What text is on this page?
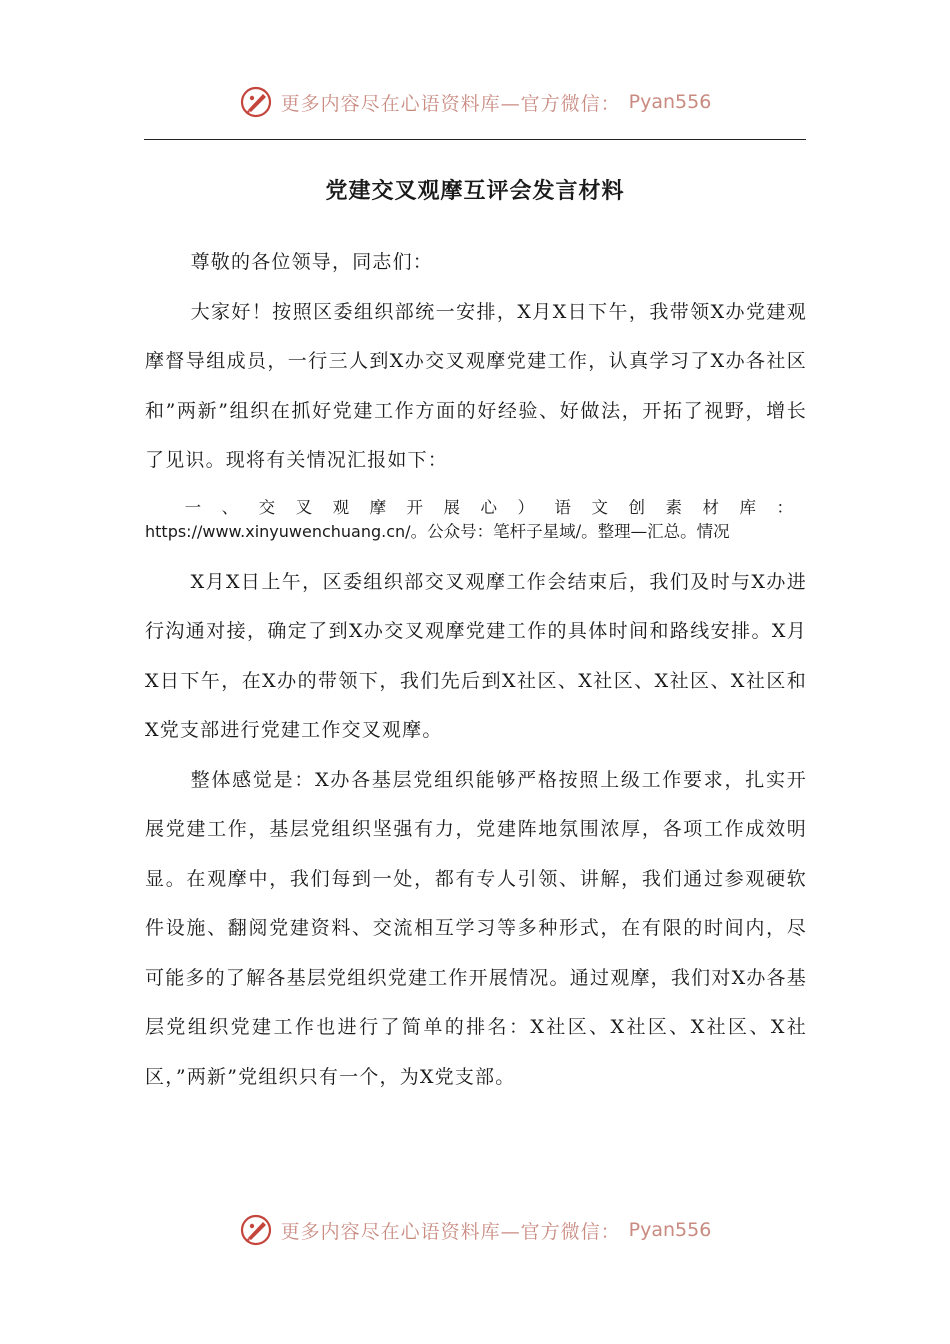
更多内容尽在心语资料库—官方微信： Pyan556
党建交叉观摩互评会发言材料

尊敬的各位领导，同志们：

大家好！按照区委组织部统一安排，X月X日下午，我带领X办党建观摩督导组成员，一行三人到X办交叉观摩党建工作，认真学习了X办各社区和”两新”组织在抓好党建工作方面的好经验、好做法，开拓了视野，增长了见识。现将有关情况汇报如下：

一、交叉观摩开展心）语文创素材库：https://www.xinyuwenchuang.cn/。公众号：笔杆子星域/。整理—汇总。情况

X月X日上午，区委组织部交叉观摩工作会结束后，我们及时与X办进行沟通对接，确定了到X办交叉观摩党建工作的具体时间和路线安排。X月X日下午，在X办的带领下，我们先后到X社区、X社区、X社区、X社区和X党支部进行党建工作交叉观摩。

整体感觉是：X办各基层党组织能够严格按照上级工作要求，扎实开展党建工作，基层党组织坚强有力，党建阵地氛围浓厚，各项工作成效明显。在观摩中，我们每到一处，都有专人引领、讲解，我们通过参观硬软件设施、翻阅党建资料、交流相互学习等多种形式，在有限的时间内，尽可能多的了解各基层党组织党建工作开展情况。通过观摩，我们对X办各基层党组织党建工作也进行了简单的排名：X社区、X社区、X社区、X社区，”两新”党组织只有一个，为X党支部。

更多内容尽在心语资料库—官方微信： Pyan556
